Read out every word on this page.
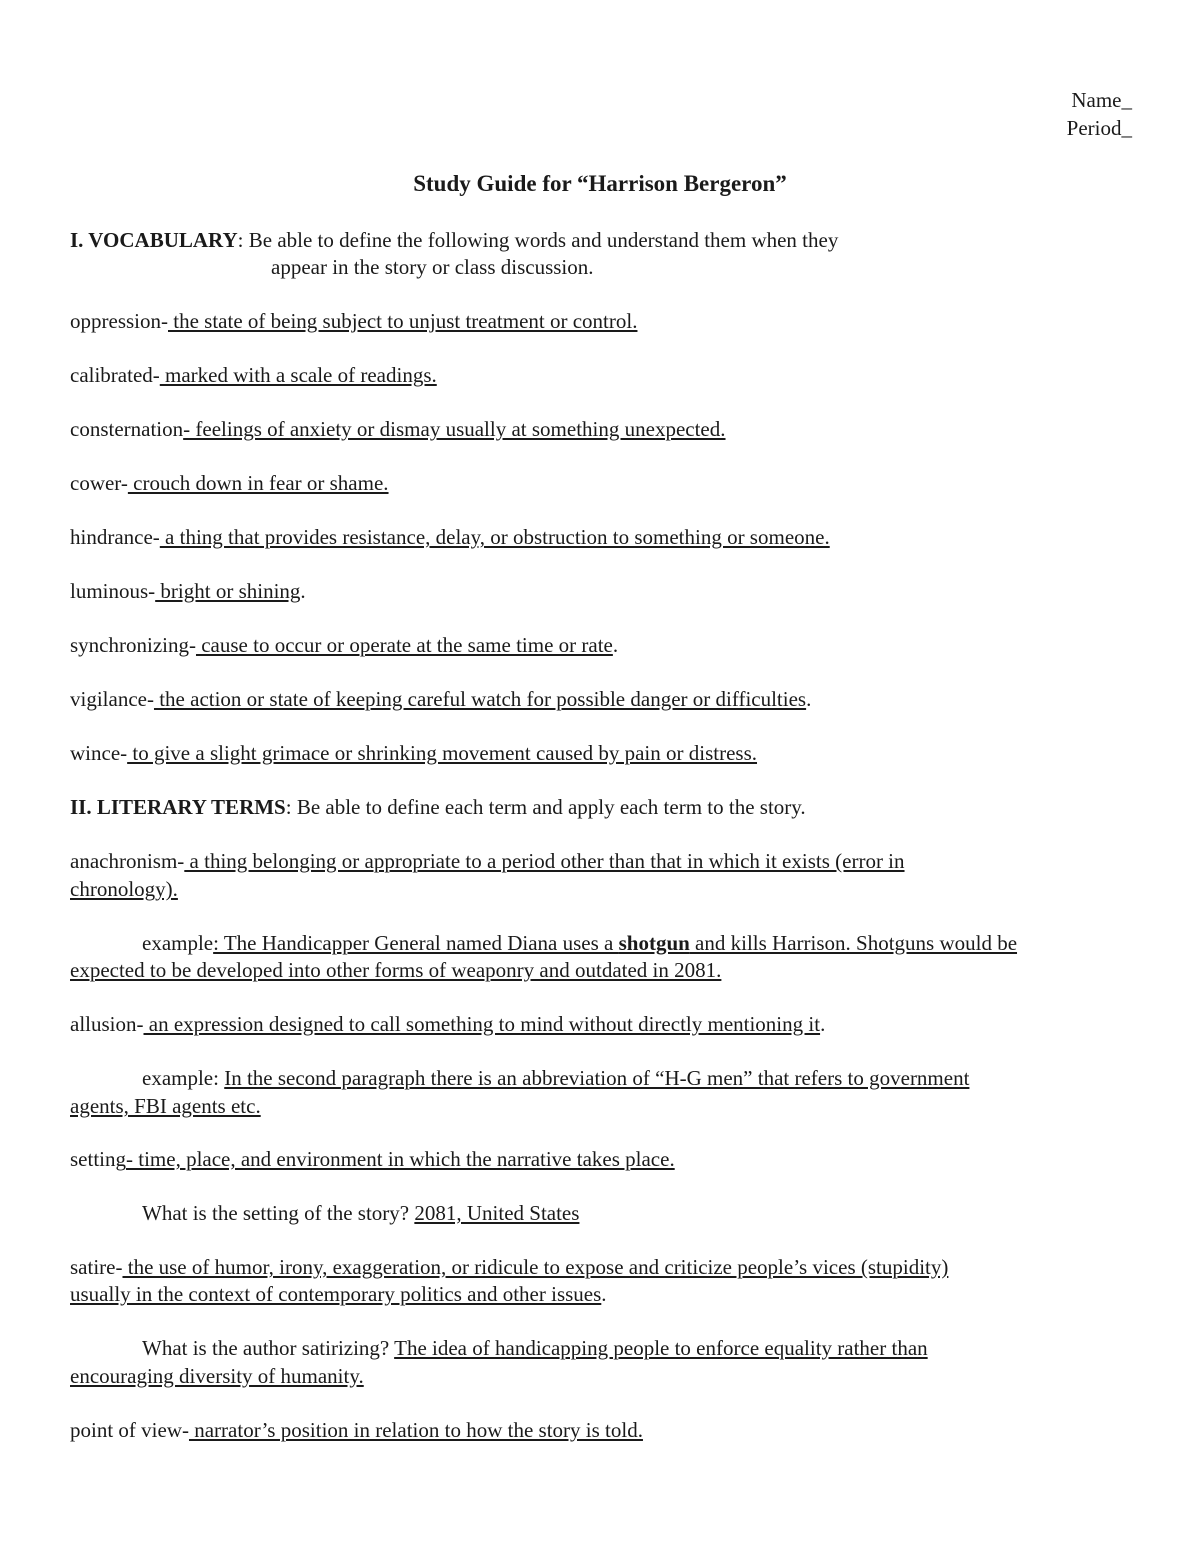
Name_
Period_
Study Guide for “Harrison Bergeron”
I. VOCABULARY: Be able to define the following words and understand them when they
appear in the story or class discussion.
oppression- the state of being subject to unjust treatment or control.
calibrated- marked with a scale of readings.
consternation- feelings of anxiety or dismay usually at something unexpected.
cower- crouch down in fear or shame.
hindrance- a thing that provides resistance, delay, or obstruction to something or someone.
luminous- bright or shining.
synchronizing- cause to occur or operate at the same time or rate.
vigilance- the action or state of keeping careful watch for possible danger or difficulties.
wince- to give a slight grimace or shrinking movement caused by pain or distress.
II. LITERARY TERMS: Be able to define each term and apply each term to the story.
anachronism- a thing belonging or appropriate to a period other than that in which it exists (error in
chronology).
example: The Handicapper General named Diana uses a shotgun and kills Harrison. Shotguns would be
expected to be developed into other forms of weaponry and outdated in 2081.
allusion- an expression designed to call something to mind without directly mentioning it.
example: In the second paragraph there is an abbreviation of “H-G men” that refers to government
agents, FBI agents etc.
setting- time, place, and environment in which the narrative takes place.
What is the setting of the story? 2081, United States
satire- the use of humor, irony, exaggeration, or ridicule to expose and criticize people’s vices (stupidity)
usually in the context of contemporary politics and other issues.
What is the author satirizing? The idea of handicapping people to enforce equality rather than
encouraging diversity of humanity.
point of view- narrator’s position in relation to how the story is told.
